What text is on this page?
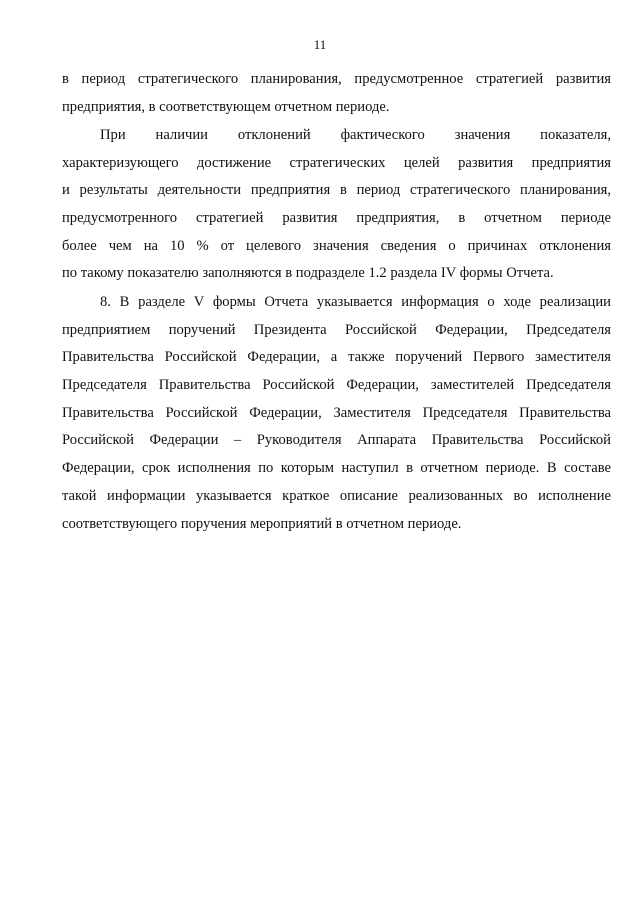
11
в период стратегического планирования, предусмотренное стратегией развития
предприятия, в соответствующем отчетном периоде.
При наличии отклонений фактического значения показателя,
характеризующего достижение стратегических целей развития предприятия
и результаты деятельности предприятия в период стратегического планирования,
предусмотренного стратегией развития предприятия, в отчетном периоде
более чем на 10 % от целевого значения сведения о причинах отклонения
по такому показателю заполняются в подразделе 1.2 раздела IV формы Отчета.
8. В разделе V формы Отчета указывается информация о ходе реализации
предприятием поручений Президента Российской Федерации, Председателя
Правительства Российской Федерации, а также поручений Первого заместителя
Председателя Правительства Российской Федерации, заместителей Председателя
Правительства Российской Федерации, Заместителя Председателя Правительства
Российской Федерации – Руководителя Аппарата Правительства Российской
Федерации, срок исполнения по которым наступил в отчетном периоде. В составе
такой информации указывается краткое описание реализованных во исполнение
соответствующего поручения мероприятий в отчетном периоде.
